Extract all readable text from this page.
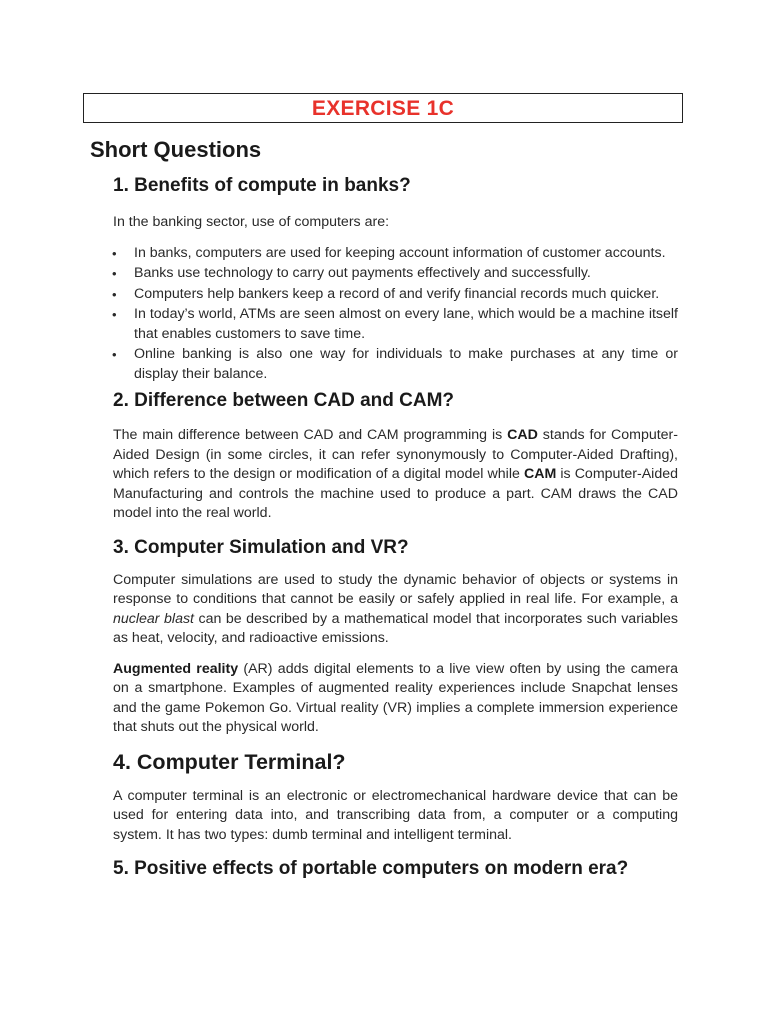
EXERCISE 1C
Short Questions
1. Benefits of compute in banks?

In the banking sector, use of computers are:

• In banks, computers are used for keeping account information of customer accounts.
• Banks use technology to carry out payments effectively and successfully.
• Computers help bankers keep a record of and verify financial records much quicker.
• In today’s world, ATMs are seen almost on every lane, which would be a machine itself that enables customers to save time.
• Online banking is also one way for individuals to make purchases at any time or display their balance.
2. Difference between CAD and CAM?

The main difference between CAD and CAM programming is CAD stands for Computer-Aided Design (in some circles, it can refer synonymously to Computer-Aided Drafting), which refers to the design or modification of a digital model while CAM is Computer-Aided Manufacturing and controls the machine used to produce a part. CAM draws the CAD model into the real world.

3. Computer Simulation and VR?

Computer simulations are used to study the dynamic behavior of objects or systems in response to conditions that cannot be easily or safely applied in real life. For example, a nuclear blast can be described by a mathematical model that incorporates such variables as heat, velocity, and radioactive emissions.

Augmented reality (AR) adds digital elements to a live view often by using the camera on a smartphone. Examples of augmented reality experiences include Snapchat lenses and the game Pokemon Go. Virtual reality (VR) implies a complete immersion experience that shuts out the physical world.

4. Computer Terminal?

A computer terminal is an electronic or electromechanical hardware device that can be used for entering data into, and transcribing data from, a computer or a computing system. It has two types: dumb terminal and intelligent terminal.

5. Positive effects of portable computers on modern era?
